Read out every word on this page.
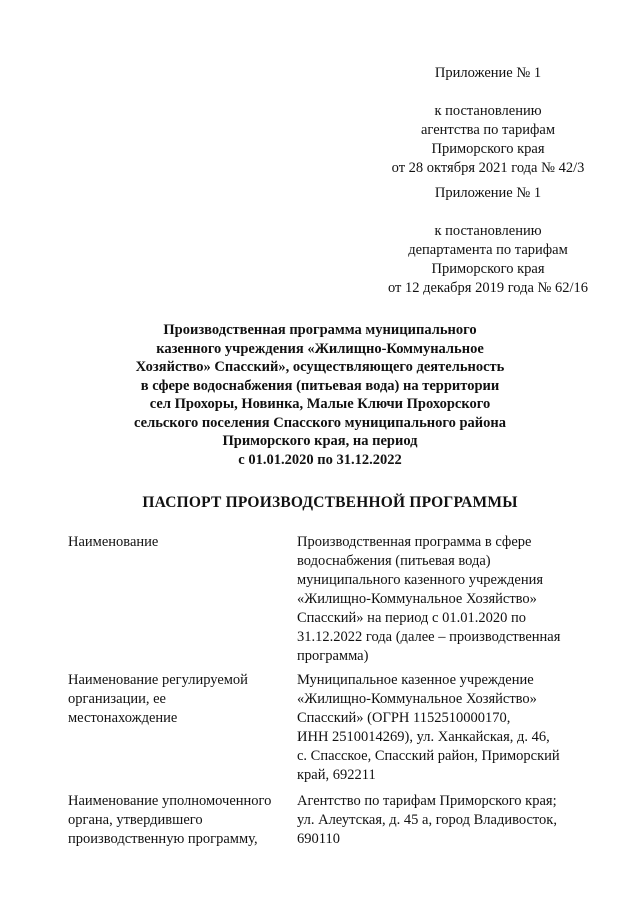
Приложение № 1
к постановлению
агентства по тарифам
Приморского края
от 28 октября 2021 года № 42/3
Приложение № 1
к постановлению
департамента по тарифам
Приморского края
от 12 декабря 2019 года № 62/16
Производственная программа муниципального
казенного учреждения «Жилищно-Коммунальное
Хозяйство» Спасский», осуществляющего деятельность
в сфере водоснабжения (питьевая вода) на территории
сел Прохоры, Новинка, Малые Ключи Прохорского
сельского поселения Спасского муниципального района
Приморского края, на период
с 01.01.2020 по 31.12.2022
ПАСПОРТ ПРОИЗВОДСТВЕННОЙ ПРОГРАММЫ
Наименование	Производственная программа в сфере
водоснабжения (питьевая вода)
муниципального казенного учреждения
«Жилищно-Коммунальное Хозяйство»
Спасский» на период с 01.01.2020 по
31.12.2022 года (далее – производственная
программа)
Наименование регулируемой
организации, ее
местонахождение
Муниципальное казенное учреждение
«Жилищно-Коммунальное Хозяйство»
Спасский» (ОГРН 1152510000170,
ИНН 2510014269), ул. Ханкайская, д. 46,
с. Спасское, Спасский район, Приморский
край, 692211
Наименование уполномоченного
органа, утвердившего
производственную программу,
Агентство по тарифам Приморского края;
ул. Алеутская, д. 45 а, город Владивосток,
690110
